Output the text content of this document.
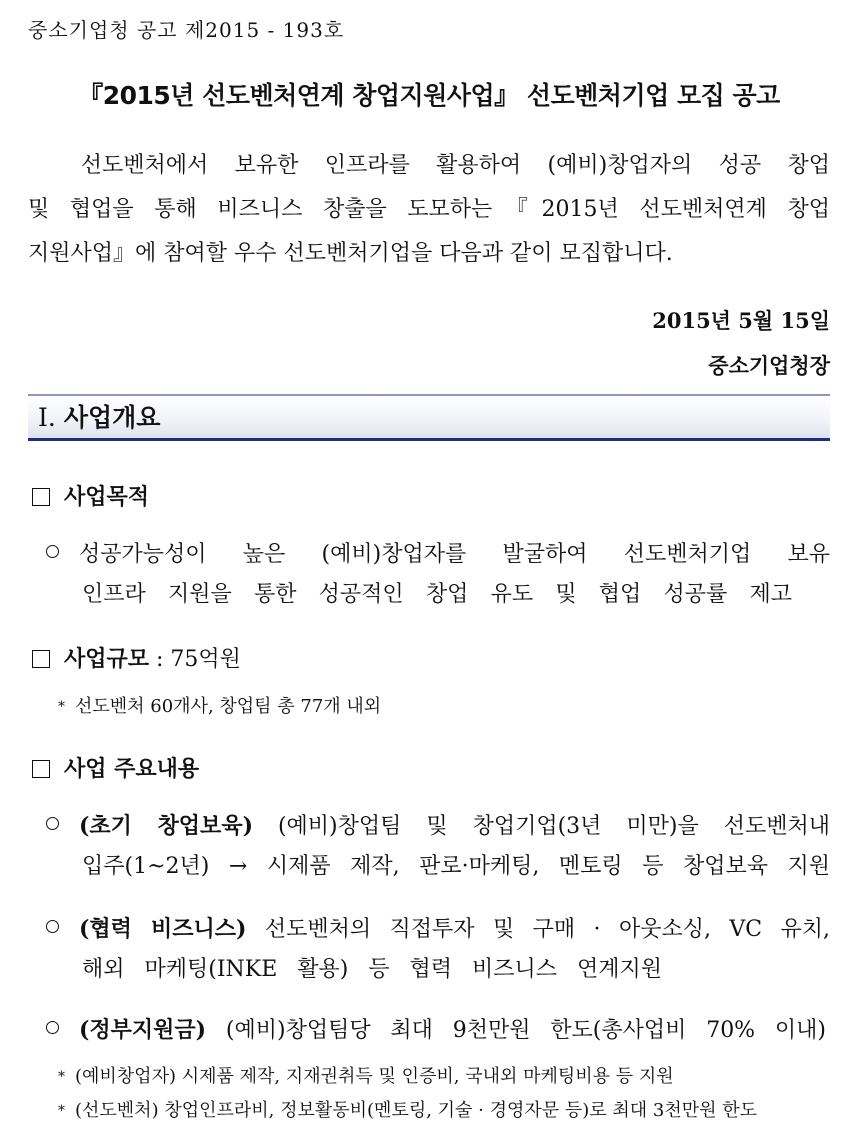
중소기업청 공고 제2015 - 193호
『2015년 선도벤처연계 창업지원사업』 선도벤처기업 모집 공고
선도벤처에서 보유한 인프라를 활용하여 (예비)창업자의 성공 창업
및 협업을 통해 비즈니스 창출을 도모하는『2015년 선도벤처연계 창업
지원사업』에 참여할 우수 선도벤처기업을 다음과 같이 모집합니다.
2015년 5월 15일
중소기업청장
Ⅰ. 사업개요
사업목적
성공가능성이 높은 (예비)창업자를 발굴하여 선도벤처기업 보유
인프라 지원을 통한 성공적인 창업 유도 및 협업 성공률 제고
사업규모 : 75억원
* 선도벤처 60개사, 창업팀 총 77개 내외
사업 주요내용
(초기 창업보육) (예비)창업팀 및 창업기업(3년 미만)을 선도벤처내
입주(1~2년) → 시제품 제작, 판로·마케팅, 멘토링 등 창업보육 지원
(협력 비즈니스) 선도벤처의 직접투자 및 구매 · 아웃소싱, VC 유치,
해외 마케팅(INKE 활용) 등 협력 비즈니스 연계지원
(정부지원금) (예비)창업팀당 최대 9천만원 한도(총사업비 70% 이내)
* (예비창업자) 시제품 제작, 지재권취득 및 인증비, 국내외 마케팅비용 등 지원
* (선도벤처) 창업인프라비, 정보활동비(멘토링, 기술 · 경영자문 등)로 최대 3천만원 한도
